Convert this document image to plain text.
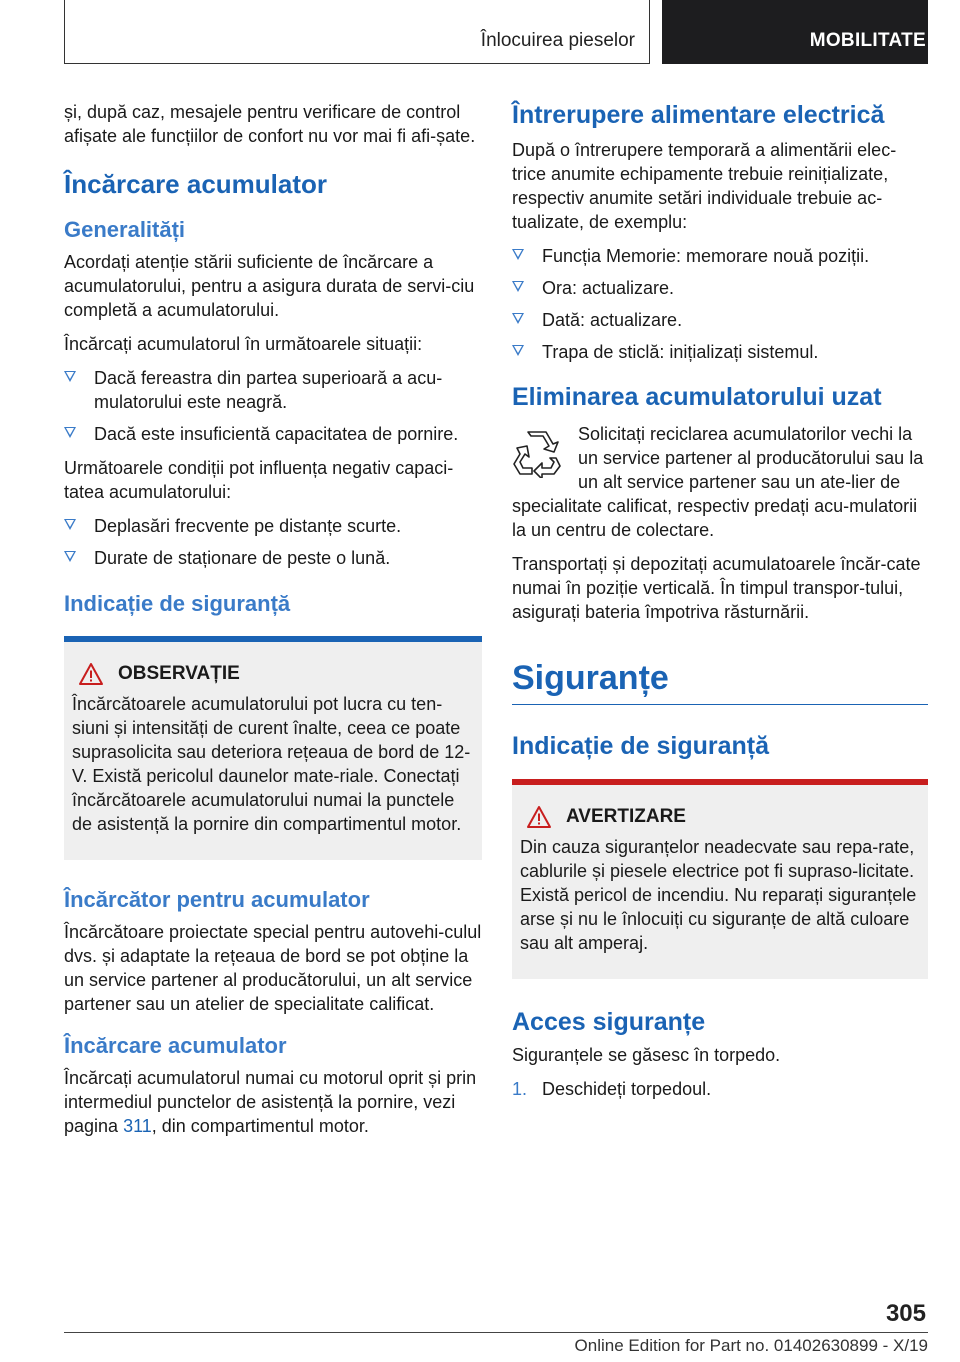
Înlocuirea pieselor	MOBILITATE

și, după caz, mesajele pentru verificare de control afișate ale funcțiilor de confort nu vor mai fi afi-șate.

Încărcare acumulator
Generalități

Acordați atenție stării suficiente de încărcare a acumulatorului, pentru a asigura durata de servi-ciu completă a acumulatorului.

Încărcați acumulatorul în următoarele situații:

Dacă fereastra din partea superioară a acu-mulatorului este neagră.
Dacă este insuficientă capacitatea de pornire.

Următoarele condiții pot influența negativ capaci-tatea acumulatorului:

Deplasări frecvente pe distanțe scurte.
Durate de staționare de peste o lună.
Indicație de siguranță
OBSERVAȚIE

Încărcătoarele acumulatorului pot lucra cu ten-siuni și intensități de curent înalte, ceea ce poate suprasolicita sau deteriora rețeaua de bord de 12-V. Există pericolul daunelor mate-riale. Conectați încărcătoarele acumulatorului numai la punctele de asistență la pornire din compartimentul motor.

Încărcător pentru acumulator

Încărcătoare proiectate special pentru autovehi-culul dvs. și adaptate la rețeaua de bord se pot obține la un service partener al producătorului, un alt service partener sau un atelier de specialitate calificat.

Încărcare acumulator

Încărcați acumulatorul numai cu motorul oprit și prin intermediul punctelor de asistență la pornire, vezi pagina 311, din compartimentul motor.

Întrerupere alimentare electrică

După o întrerupere temporară a alimentării elec-trice anumite echipamente trebuie reinițializate, respectiv anumite setări individuale trebuie ac-tualizate, de exemplu:

Funcția Memorie: memorare nouă poziții.
Ora: actualizare.
Dată: actualizare.
Trapa de sticlă: inițializați sistemul.
Eliminarea acumulatorului uzat

Solicitați reciclarea acumulatorilor vechi la un service partener al producătorului sau la un alt service partener sau un ate-lier de specialitate calificat, respectiv predați acu-mulatorii la un centru de colectare.

Transportați și depozitați acumulatoarele încăr-cate numai în poziție verticală. În timpul transpor-tului, asigurați bateria împotriva răsturnării.

Siguranțe
Indicație de siguranță
AVERTIZARE

Din cauza siguranțelor neadecvate sau repa-rate, cablurile și piesele electrice pot fi supraso-licitate. Există pericol de incendiu. Nu reparați siguranțele arse și nu le înlocuiți cu siguranțe de altă culoare sau alt amperaj.

Acces siguranțe

Siguranțele se găsesc în torpedo.

1. Deschideți torpedoul.
305
Online Edition for Part no. 01402630899 - X/19
